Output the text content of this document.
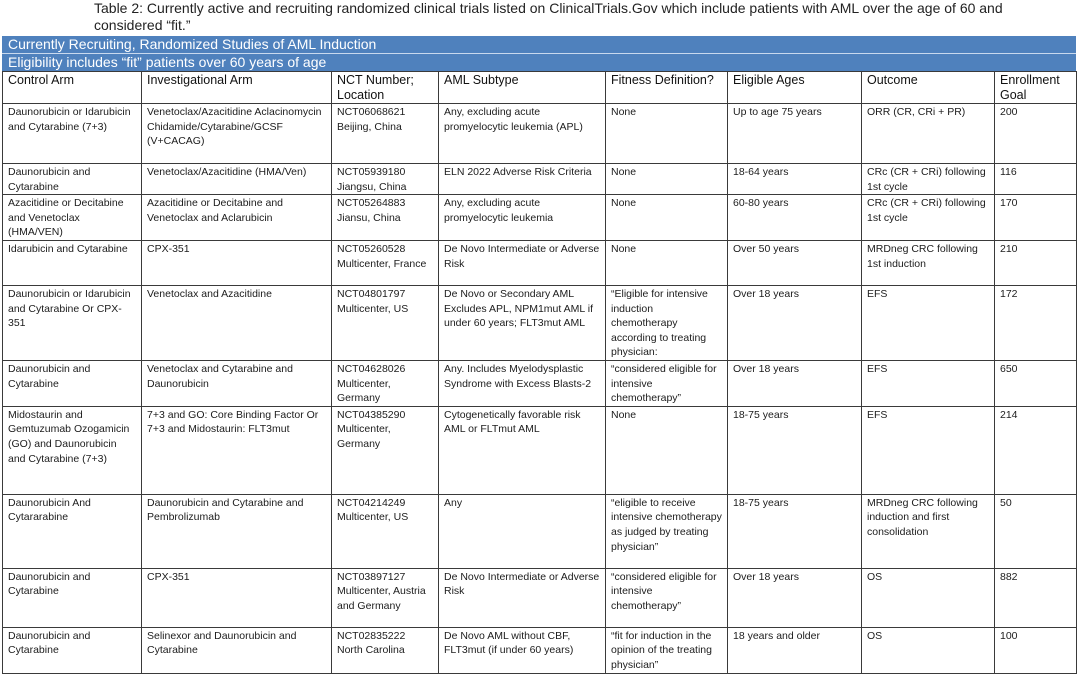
Table 2: Currently active and recruiting randomized clinical trials listed on ClinicalTrials.Gov which include patients with AML over the age of 60 and considered “fit.”
Currently Recruiting, Randomized Studies of AML Induction
Eligibility includes “fit” patients over 60 years of age
Control Arm	Investigational Arm	NCT Number; Location	AML Subtype	Fitness Definition?	Eligible Ages	Outcome	Enrollment Goal
Daunorubicin or Idarubicin and Cytarabine (7+3)	Venetoclax/Azacitidine Aclacinomycin Chidamide/Cytarabine/GCSF (V+CACAG)	NCT06068621 Beijing, China	Any, excluding acute promyelocytic leukemia (APL)	None	Up to age 75 years	ORR (CR, CRi + PR)	200
Daunorubicin and Cytarabine	Venetoclax/Azacitidine (HMA/Ven)	NCT05939180 Jiangsu, China	ELN 2022 Adverse Risk Criteria	None	18-64 years	CRc (CR + CRi) following 1st cycle	116
Azacitidine or Decitabine and Venetoclax (HMA/VEN)	Azacitidine or Decitabine and Venetoclax and Aclarubicin	NCT05264883 Jiansu, China	Any, excluding acute promyelocytic leukemia	None	60-80 years	CRc (CR + CRi) following 1st cycle	170
Idarubicin and Cytarabine	CPX-351	NCT05260528 Multicenter, France	De Novo Intermediate or Adverse Risk	None	Over 50 years	MRDneg CRC following 1st induction	210
Daunorubicin or Idarubicin and Cytarabine Or CPX-351	Venetoclax and Azacitidine	NCT04801797 Multicenter, US	De Novo or Secondary AML Excludes APL, NPM1mut AML if under 60 years; FLT3mut AML	“Eligible for intensive induction chemotherapy according to treating physician:	Over 18 years	EFS	172
Daunorubicin and Cytarabine	Venetoclax and Cytarabine and Daunorubicin	NCT04628026 Multicenter, Germany	Any. Includes Myelodysplastic Syndrome with Excess Blasts-2	“considered eligible for intensive chemotherapy”	Over 18 years	EFS	650
Midostaurin and Gemtuzumab Ozogamicin (GO) and Daunorubicin and Cytarabine (7+3)	7+3 and GO: Core Binding Factor Or 7+3 and Midostaurin: FLT3mut	NCT04385290 Multicenter, Germany	Cytogenetically favorable risk AML or FLTmut AML	None	18-75 years	EFS	214
Daunorubicin And Cytararabine	Daunorubicin and Cytarabine and Pembrolizumab	NCT04214249 Multicenter, US	Any	“eligible to receive intensive chemotherapy as judged by treating physician”	18-75 years	MRDneg CRC following induction and first consolidation	50
Daunorubicin and Cytarabine	CPX-351	NCT03897127 Multicenter, Austria and Germany	De Novo Intermediate or Adverse Risk	“considered eligible for intensive chemotherapy”	Over 18 years	OS	882
Daunorubicin and Cytarabine	Selinexor and Daunorubicin and Cytarabine	NCT02835222 North Carolina	De Novo AML without CBF, FLT3mut (if under 60 years)	“fit for induction in the opinion of the treating physician”	18 years and older	OS	100
